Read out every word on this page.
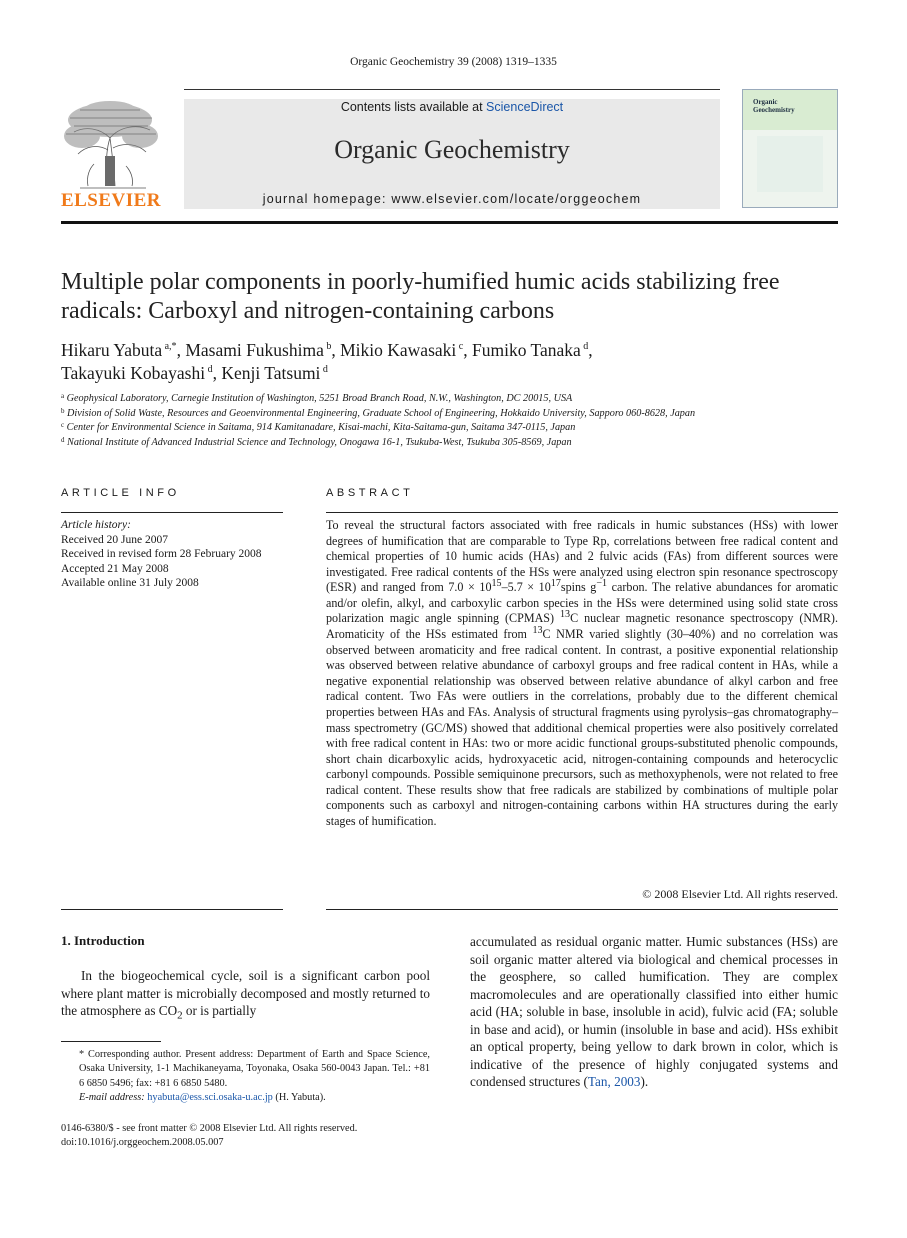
Organic Geochemistry 39 (2008) 1319–1335
ELSEVIER
Contents lists available at ScienceDirect
Organic Geochemistry
journal homepage: www.elsevier.com/locate/orggeochem
Organic
Geochemistry
Multiple polar components in poorly-humified humic acids stabilizing free radicals: Carboxyl and nitrogen-containing carbons
Hikaru Yabuta $^{a,*}$, Masami Fukushima $^b$, Mikio Kawasaki $^c$, Fumiko Tanaka $^d$,
Takayuki Kobayashi $^d$, Kenji Tatsumi $^d$
$^a$ Geophysical Laboratory, Carnegie Institution of Washington, 5251 Broad Branch Road, N.W., Washington, DC 20015, USA
$^b$ Division of Solid Waste, Resources and Geoenvironmental Engineering, Graduate School of Engineering, Hokkaido University, Sapporo 060-8628, Japan
$^c$ Center for Environmental Science in Saitama, 914 Kamitanadare, Kisai-machi, Kita-Saitama-gun, Saitama 347-0115, Japan
$^d$ National Institute of Advanced Industrial Science and Technology, Onogawa 16-1, Tsukuba-West, Tsukuba 305-8569, Japan
ARTICLE INFO	ABSTRACT
Article history:
Received 20 June 2007
Received in revised form 28 February 2008
Accepted 21 May 2008
Available online 31 July 2008
To reveal the structural factors associated with free radicals in humic substances (HSs) with lower degrees of humification that are comparable to Type Rp, correlations between free radical content and chemical properties of 10 humic acids (HAs) and 2 fulvic acids (FAs) from different sources were investigated. Free radical contents of the HSs were analyzed using electron spin resonance spectroscopy (ESR) and ranged from $7.0 \times 10^{15}-5.7$ × $10^{17}spins$ $g^{-1}$ carbon. The relative abundances for aromatic and/or olefin, alkyl, and carboxylic carbon species in the HSs were determined using solid state cross polarization magic angle spinning (CPMAS) $^{13}$C nuclear magnetic resonance spectroscopy (NMR). Aromaticity of the HSs estimated from $^{13}$C NMR varied slightly (30–40%) and no correlation was observed between aromaticity and free radical content. In contrast, a positive exponential relationship was observed between relative abundance of carboxyl groups and free radical content in HAs, while a negative exponential relationship was observed between relative abundance of alkyl carbon and free radical content. Two FAs were outliers in the correlations, probably due to the different chemical properties between HAs and FAs. Analysis of structural fragments using pyrolysis–gas chromatography–mass spectrometry (GC/MS) showed that additional chemical properties were also positively correlated with free radical content in HAs: two or more acidic functional groups-substituted phenolic compounds, short chain dicarboxylic acids, hydroxyacetic acid, nitrogen-containing compounds and heterocyclic carbonyl compounds. Possible semiquinone precursors, such as methoxyphenols, were not related to free radical content. These results show that free radicals are stabilized by combinations of multiple polar components such as carboxyl and nitrogen-containing carbons within HA structures during the early stages of humification.
© 2008 Elsevier Ltd. All rights reserved.
1. Introduction
In the biogeochemical cycle, soil is a significant carbon pool where plant matter is microbially decomposed and mostly returned to the atmosphere as $CO_2$ or is partially
accumulated as residual organic matter. Humic substances (HSs) are soil organic matter altered via biological and chemical processes in the geosphere, so called humification. They are complex macromolecules and are operationally classified into either humic acid (HA; soluble in base, insoluble in acid), fulvic acid (FA; soluble in base and acid), or humin (insoluble in base and acid). HSs exhibit an optical property, being yellow to dark brown in color, which is indicative of the presence of highly conjugated systems and condensed structures (Tan, 2003).
* Corresponding author. Present address: Department of Earth and Space Science, Osaka University, 1-1 Machikaneyama, Toyonaka, Osaka 560-0043 Japan. Tel.: +81 6 6850 5496; fax: +81 6 6850 5480.
E-mail address: hyabuta@ess.sci.osaka-u.ac.jp (H. Yabuta).
0146-6380/$ - see front matter © 2008 Elsevier Ltd. All rights reserved.
doi:10.1016/j.orggeochem.2008.05.007
